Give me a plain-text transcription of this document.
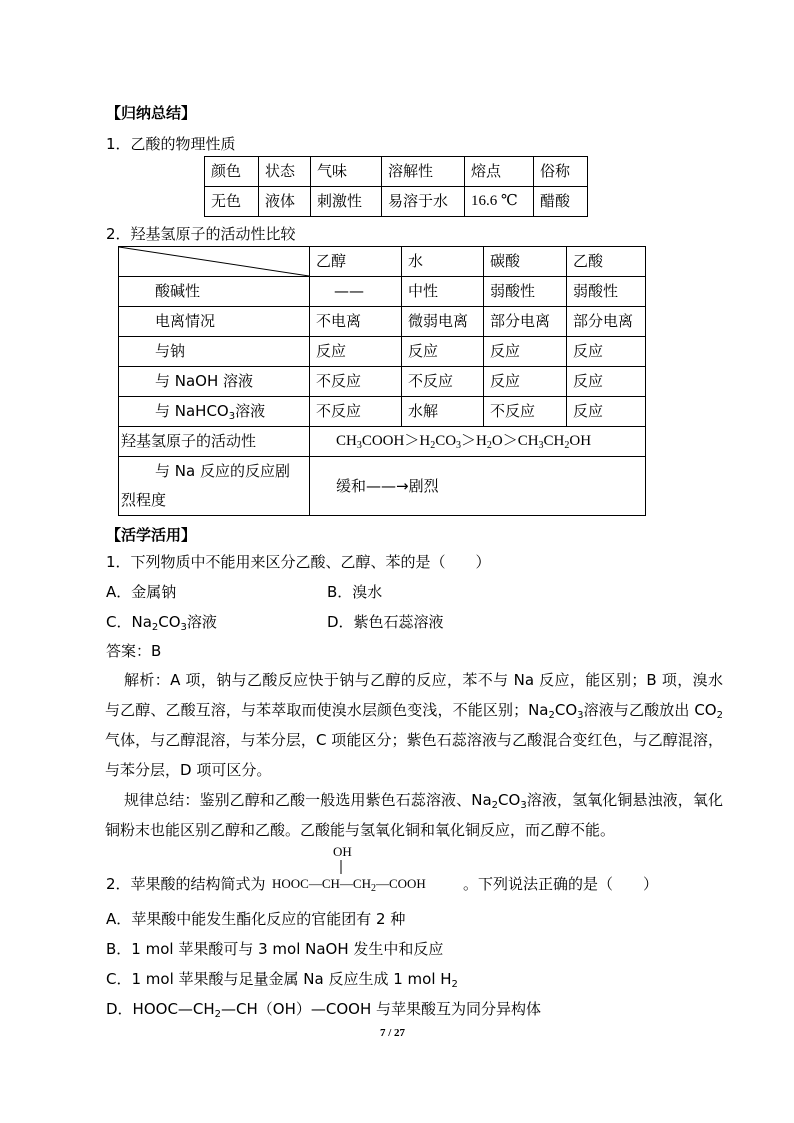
【归纳总结】
1．乙酸的物理性质
颜色	状态	气味	溶解性	熔点	俗称
无色	液体	刺激性	易溶于水	16.6 ℃	醋酸
2．羟基氢原子的活动性比较
	乙醇	水	碳酸	乙酸
酸碱性	——	中性	弱酸性	弱酸性
电离情况	不电离	微弱电离	部分电离	部分电离
与钠	反应	反应	反应	反应
与 NaOH 溶液	不反应	不反应	反应	反应
与 NaHCO$_3$溶液	不反应	水解	不反应	反应
羟基氢原子的活动性	$CH_3COOH>H_2CO_3>H_2O>CH_3CH_2OH$			

与 Na 反应的反应剧
烈程度	缓和——→剧烈			
【活学活用】
1．下列物质中不能用来区分乙酸、乙醇、苯的是（　　）
A．金属钠	B．溴水
C．$Na_2CO_3$溶液	D．紫色石蕊溶液
答案：B
解析：A 项，钠与乙酸反应快于钠与乙醇的反应，苯不与 Na 反应，能区别；B 项，溴水与乙醇、乙酸互溶，与苯萃取而使溴水层颜色变浅，不能区别；$Na_2CO_3$溶液与乙酸放出 $CO_2$气体，与乙醇混溶，与苯分层，C 项能区分；紫色石蕊溶液与乙酸混合变红色，与乙醇混溶，与苯分层，D 项可区分。
规律总结：鉴别乙醇和乙酸一般选用紫色石蕊溶液、$Na_2CO_3$溶液，氢氧化铜悬浊液，氧化铜粉末也能区别乙醇和乙酸。乙酸能与氢氧化铜和氧化铜反应，而乙醇不能。
2．苹果酸的结构简式为
OH
$HOOC—CH—CH_2—COOH$ 。下列说法正确的是（　　）
A．苹果酸中能发生酯化反应的官能团有 2 种
B．1 mol 苹果酸可与 3 mol NaOH 发生中和反应
C．1 mol 苹果酸与足量金属 Na 反应生成 1 mol $H_2$
D．$HOOC—CH_2—CH(OH)—COOH$ 与苹果酸互为同分异构体
7 / 27
